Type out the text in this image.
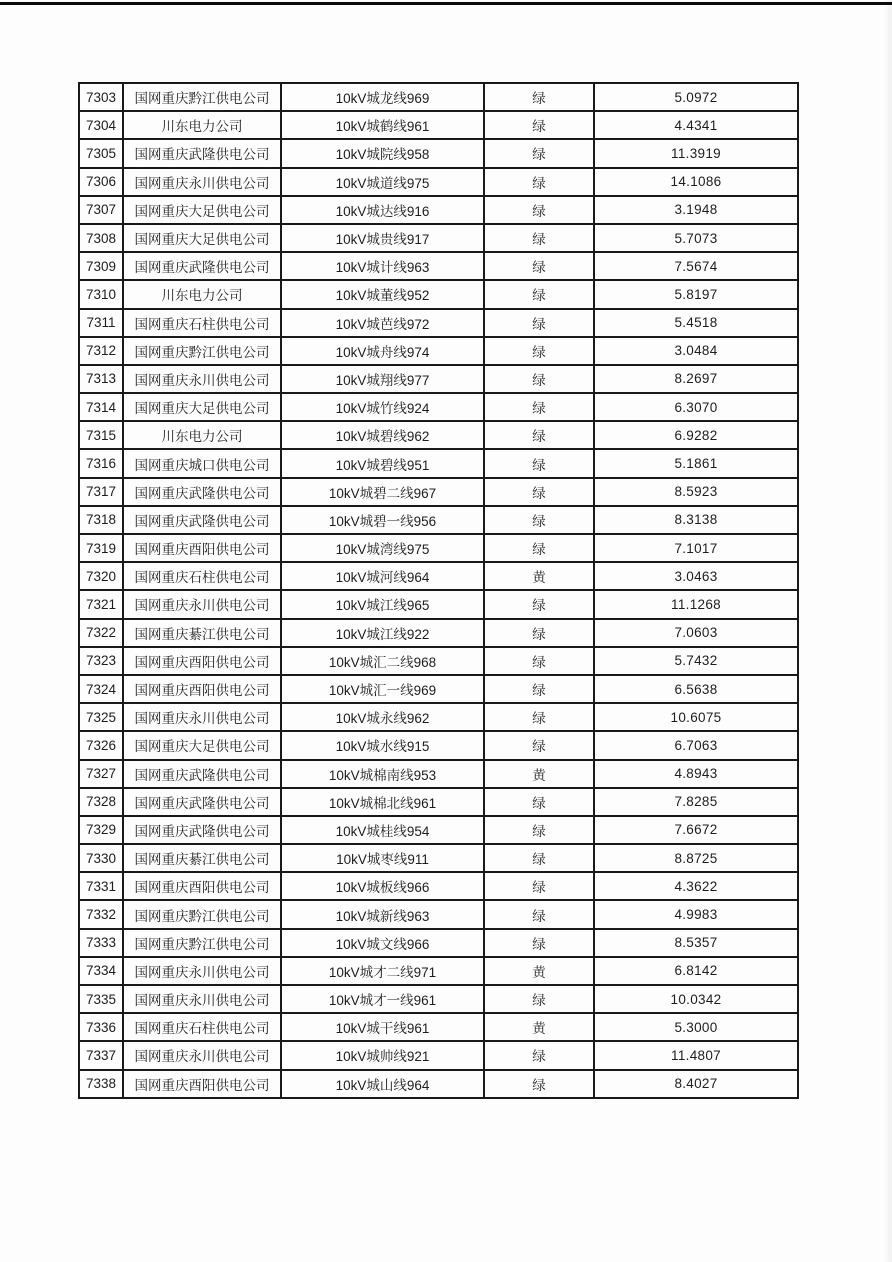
7303	国网重庆黔江供电公司	10kV城龙线969	绿	5.0972
7304	川东电力公司	10kV城鹤线961	绿	4.4341
7305	国网重庆武隆供电公司	10kV城院线958	绿	11.3919
7306	国网重庆永川供电公司	10kV城道线975	绿	14.1086
7307	国网重庆大足供电公司	10kV城达线916	绿	3.1948
7308	国网重庆大足供电公司	10kV城贵线917	绿	5.7073
7309	国网重庆武隆供电公司	10kV城计线963	绿	7.5674
7310	川东电力公司	10kV城董线952	绿	5.8197
7311	国网重庆石柱供电公司	10kV城芭线972	绿	5.4518
7312	国网重庆黔江供电公司	10kV城舟线974	绿	3.0484
7313	国网重庆永川供电公司	10kV城翔线977	绿	8.2697
7314	国网重庆大足供电公司	10kV城竹线924	绿	6.3070
7315	川东电力公司	10kV城碧线962	绿	6.9282
7316	国网重庆城口供电公司	10kV城碧线951	绿	5.1861
7317	国网重庆武隆供电公司	10kV城碧二线967	绿	8.5923
7318	国网重庆武隆供电公司	10kV城碧一线956	绿	8.3138
7319	国网重庆酉阳供电公司	10kV城湾线975	绿	7.1017
7320	国网重庆石柱供电公司	10kV城河线964	黄	3.0463
7321	国网重庆永川供电公司	10kV城江线965	绿	11.1268
7322	国网重庆綦江供电公司	10kV城江线922	绿	7.0603
7323	国网重庆酉阳供电公司	10kV城汇二线968	绿	5.7432
7324	国网重庆酉阳供电公司	10kV城汇一线969	绿	6.5638
7325	国网重庆永川供电公司	10kV城永线962	绿	10.6075
7326	国网重庆大足供电公司	10kV城水线915	绿	6.7063
7327	国网重庆武隆供电公司	10kV城棉南线953	黄	4.8943
7328	国网重庆武隆供电公司	10kV城棉北线961	绿	7.8285
7329	国网重庆武隆供电公司	10kV城桂线954	绿	7.6672
7330	国网重庆綦江供电公司	10kV城枣线911	绿	8.8725
7331	国网重庆酉阳供电公司	10kV城板线966	绿	4.3622
7332	国网重庆黔江供电公司	10kV城新线963	绿	4.9983
7333	国网重庆黔江供电公司	10kV城文线966	绿	8.5357
7334	国网重庆永川供电公司	10kV城才二线971	黄	6.8142
7335	国网重庆永川供电公司	10kV城才一线961	绿	10.0342
7336	国网重庆石柱供电公司	10kV城干线961	黄	5.3000
7337	国网重庆永川供电公司	10kV城帅线921	绿	11.4807
7338	国网重庆酉阳供电公司	10kV城山线964	绿	8.4027
